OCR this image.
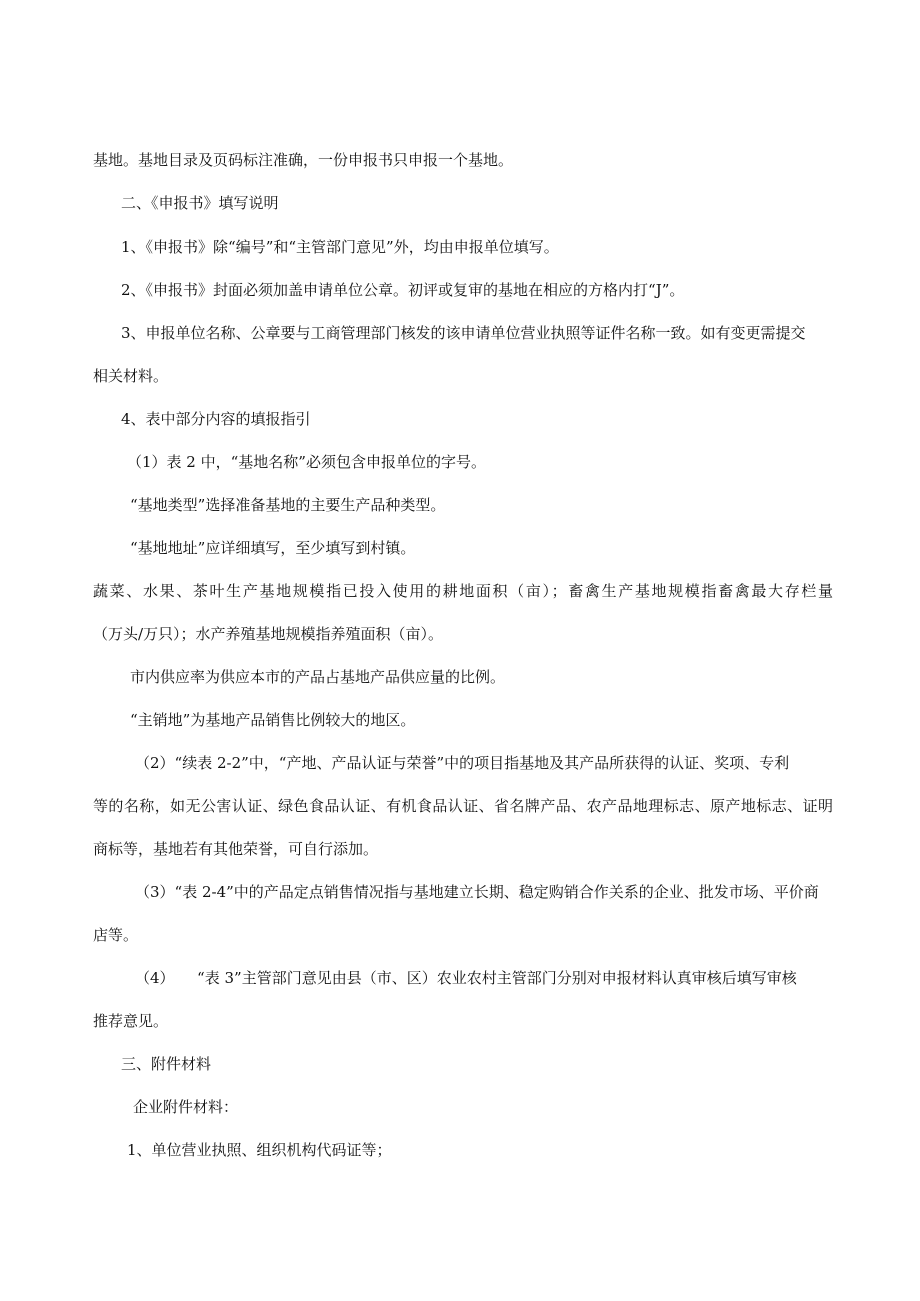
基地。基地目录及页码标注准确，一份申报书只申报一个基地。
二、《申报书》填写说明
1、《申报书》除“编号”和“主管部门意见”外，均由申报单位填写。
2、《申报书》封面必须加盖申请单位公章。初评或复审的基地在相应的方格内打“J”。
3、申报单位名称、公章要与工商管理部门核发的该申请单位营业执照等证件名称一致。如有变更需提交
相关材料。
4、表中部分内容的填报指引
（1）表 2 中，“基地名称”必须包含申报单位的字号。
“基地类型”选择准备基地的主要生产品种类型。
“基地地址”应详细填写，至少填写到村镇。
蔬菜、水果、茶叶生产基地规模指已投入使用的耕地面积（亩）；畜禽生产基地规模指畜禽最大存栏量
（万头/万只）；水产养殖基地规模指养殖面积（亩）。
市内供应率为供应本市的产品占基地产品供应量的比例。
“主销地”为基地产品销售比例较大的地区。
（2）“续表 2-2”中，“产地、产品认证与荣誉”中的项目指基地及其产品所获得的认证、奖项、专利
等的名称，如无公害认证、绿色食品认证、有机食品认证、省名牌产品、农产品地理标志、原产地标志、证明
商标等，基地若有其他荣誉，可自行添加。
（3）“表 2-4”中的产品定点销售情况指与基地建立长期、稳定购销合作关系的企业、批发市场、平价商
店等。
（4）　　“表 3”主管部门意见由县（市、区）农业农村主管部门分别对申报材料认真审核后填写审核
推荐意见。
三、附件材料
企业附件材料：
1、单位营业执照、组织机构代码证等；
